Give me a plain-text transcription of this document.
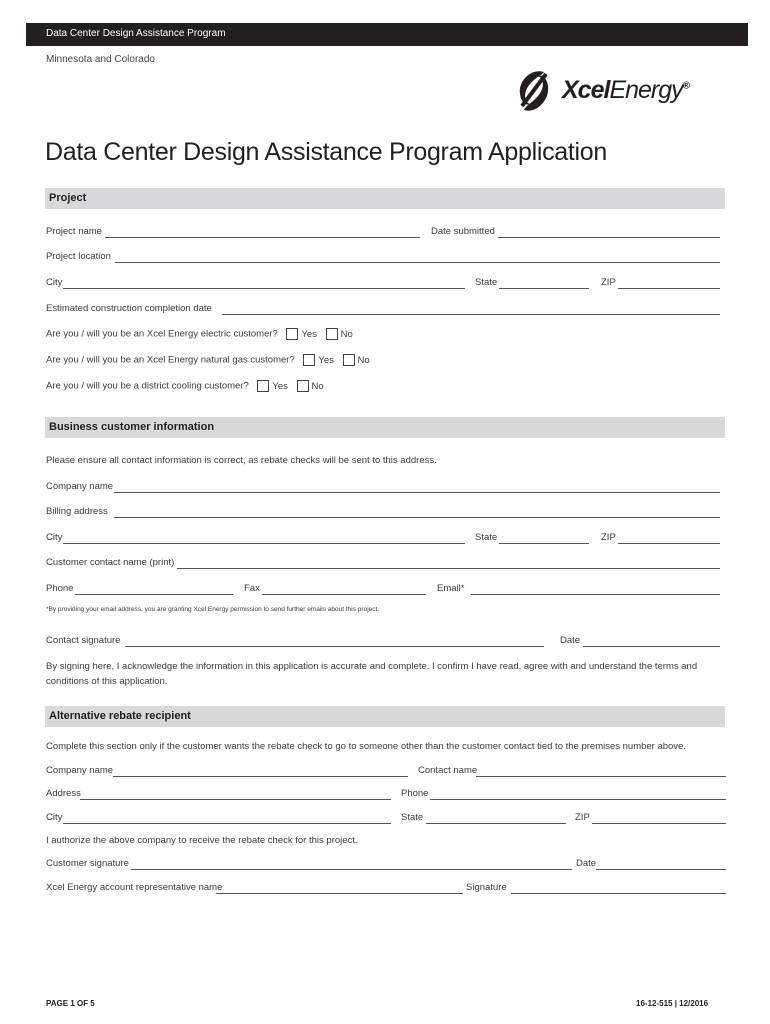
Data Center Design Assistance Program
Minnesota and Colorado
XcelEnergy®
Data Center Design Assistance Program Application
Project
Project name	Date submitted
Project location
City	State	ZIP
Estimated construction completion date
Are you / will you be an Xcel Energy electric customer? Yes No
Are you / will you be an Xcel Energy natural gas customer? Yes No
Are you / will you be a district cooling customer? Yes No
Business customer information
Please ensure all contact information is correct, as rebate checks will be sent to this address.
Company name
Billing address
City	State	ZIP
Customer contact name (print)
Phone	Fax	Email*
*By providing your email address, you are granting Xcel Energy permission to send further emails about this project.
Contact signature	Date
By signing here, I acknowledge the information in this application is accurate and complete. I confirm I have read, agree with and understand the terms and conditions of this application.
Alternative rebate recipient
Complete this section only if the customer wants the rebate check to go to someone other than the customer contact tied to the premises number above.
Company name	Contact name
Address	Phone
City	State	ZIP
I authorize the above company to receive the rebate check for this project.
Customer signature	Date
Xcel Energy account representative name	Signature
PAGE 1 OF 5	16-12-515 | 12/2016
